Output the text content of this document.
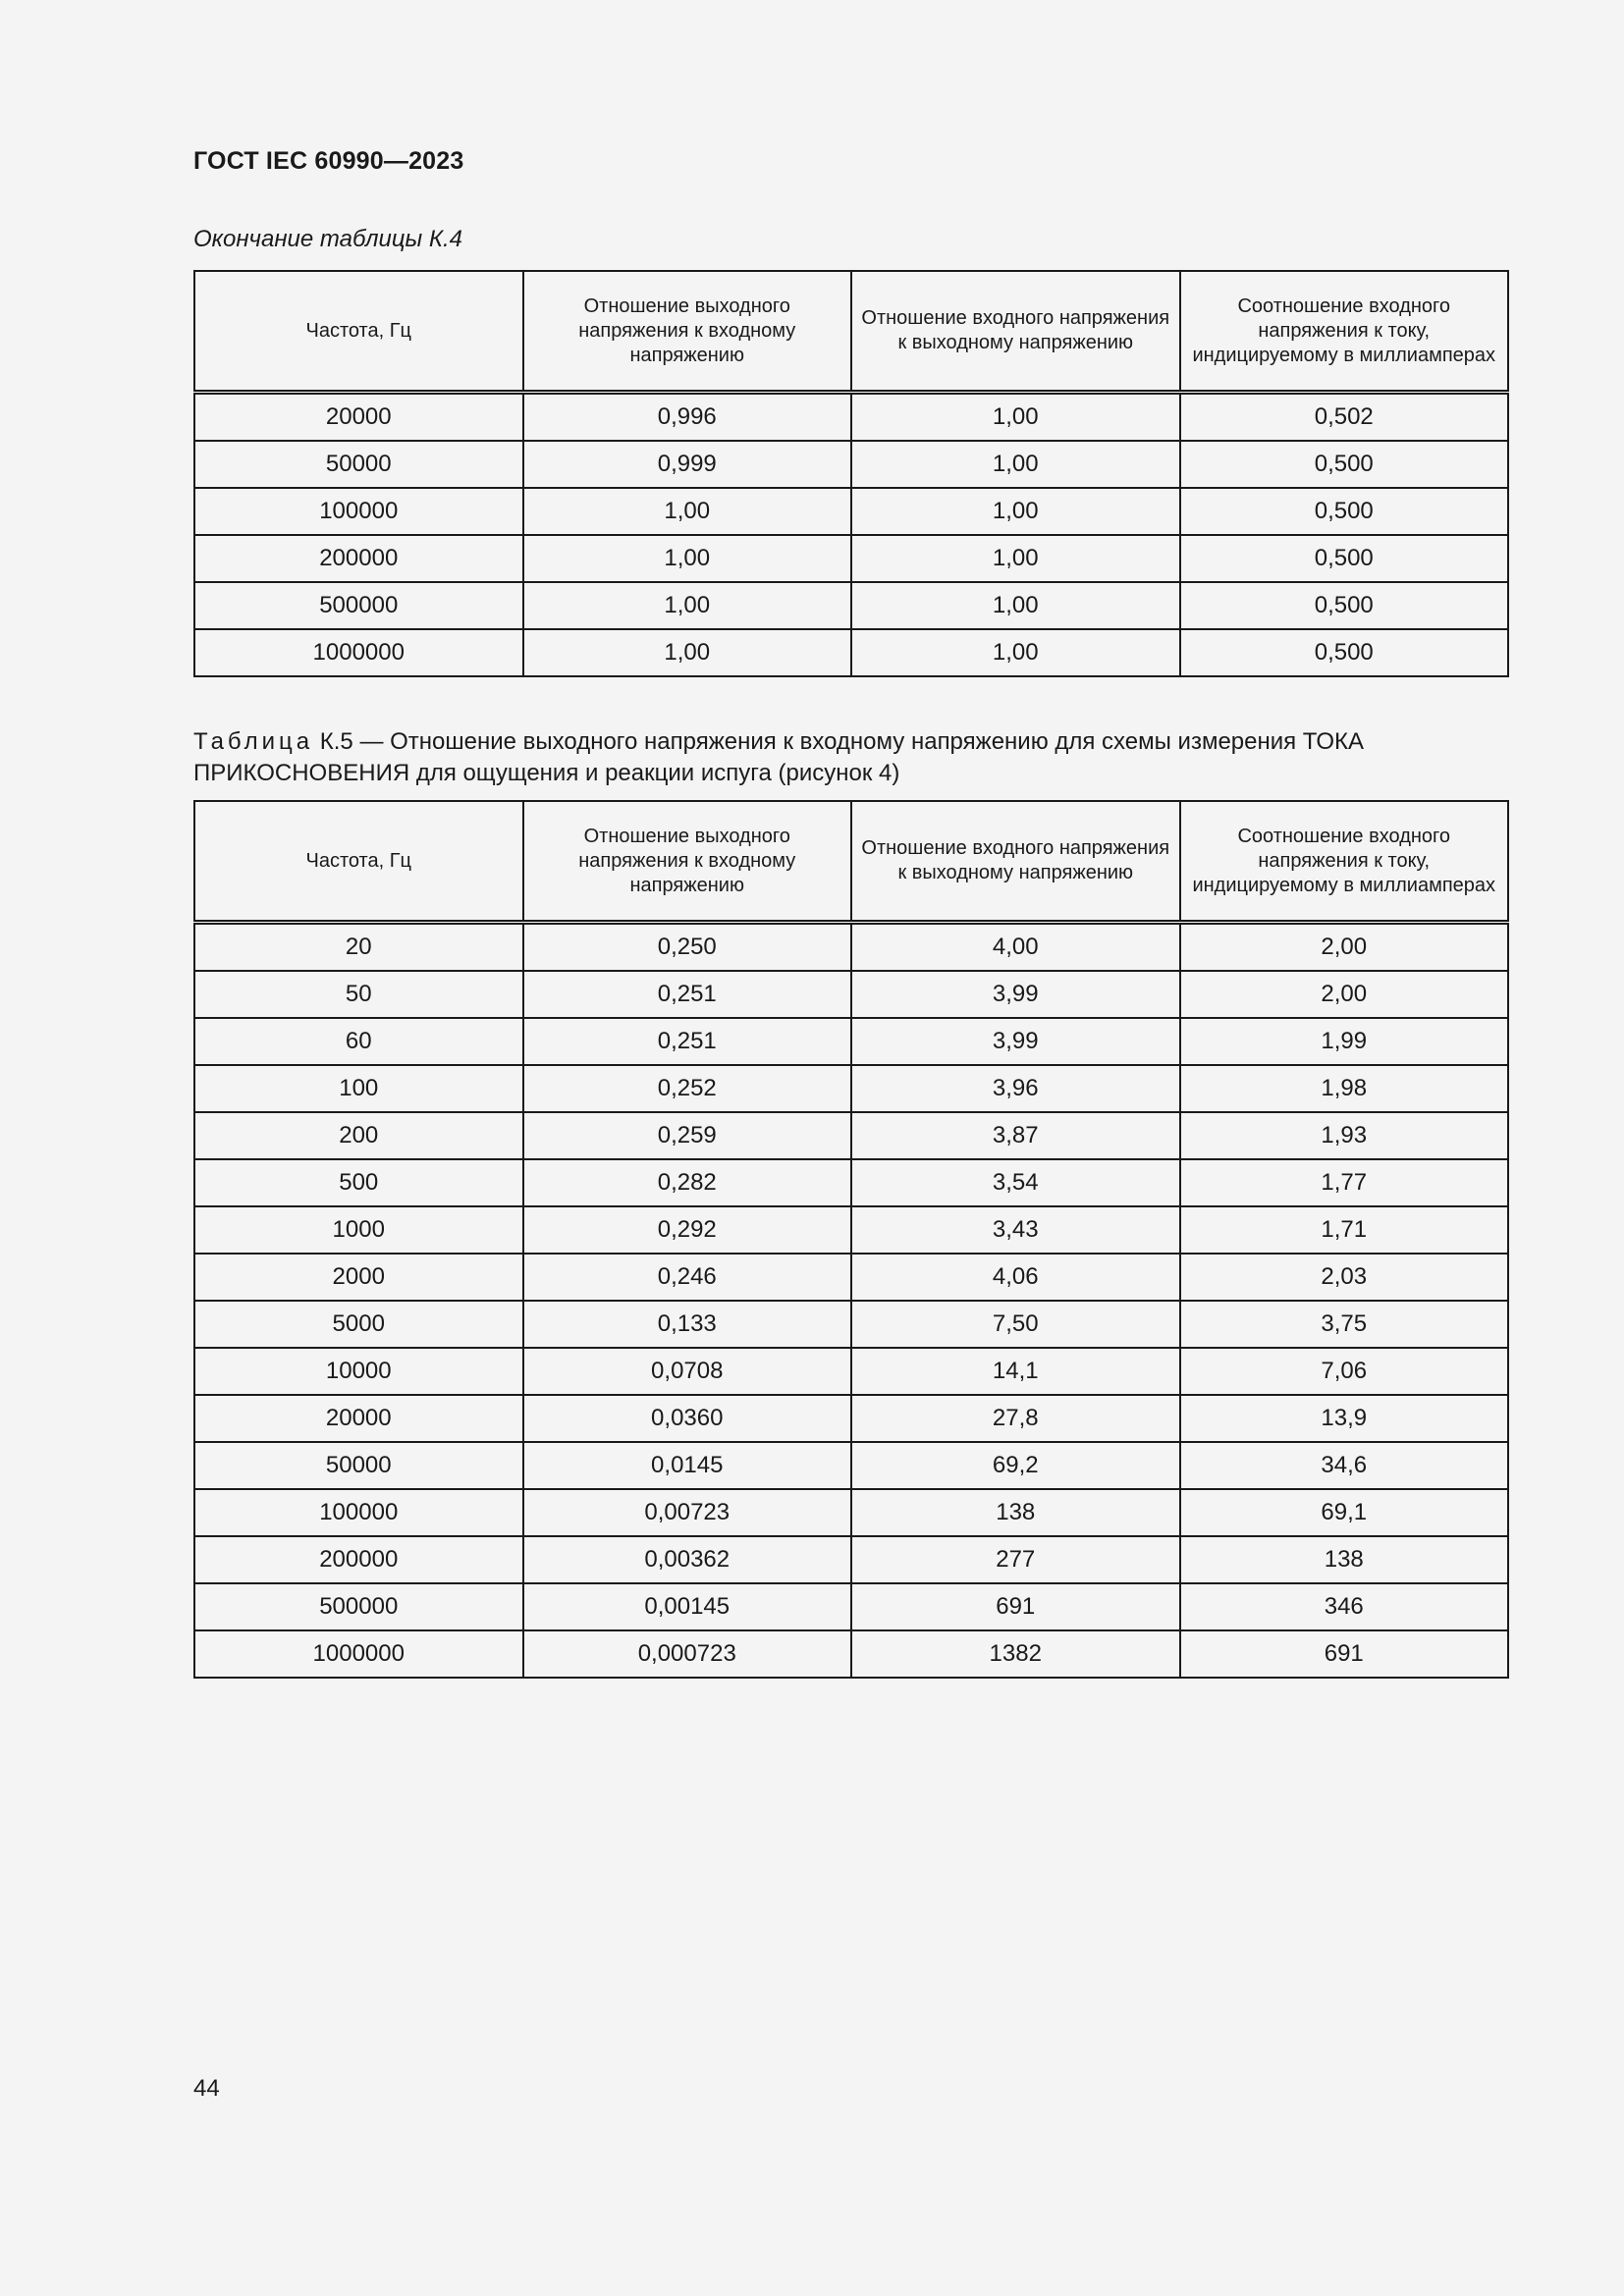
ГОСТ IEC 60990—2023
Окончание таблицы К.4
Частота, Гц	Отношение выходного напряжения к входному напряжению	Отношение входного напряжения к выходному напряжению	Соотношение входного напряжения к току, индицируемому в миллиамперах
20000	0,996	1,00	0,502
50000	0,999	1,00	0,500
100000	1,00	1,00	0,500
200000	1,00	1,00	0,500
500000	1,00	1,00	0,500
1000000	1,00	1,00	0,500
Таблица К.5 — Отношение выходного напряжения к входному напряжению для схемы измерения ТОКА ПРИКОСНОВЕНИЯ для ощущения и реакции испуга (рисунок 4)
Частота, Гц	Отношение выходного напряжения к входному напряжению	Отношение входного напряжения к выходному напряжению	Соотношение входного напряжения к току, индицируемому в миллиамперах
20	0,250	4,00	2,00
50	0,251	3,99	2,00
60	0,251	3,99	1,99
100	0,252	3,96	1,98
200	0,259	3,87	1,93
500	0,282	3,54	1,77
1000	0,292	3,43	1,71
2000	0,246	4,06	2,03
5000	0,133	7,50	3,75
10000	0,0708	14,1	7,06
20000	0,0360	27,8	13,9
50000	0,0145	69,2	34,6
100000	0,00723	138	69,1
200000	0,00362	277	138
500000	0,00145	691	346
1000000	0,000723	1382	691
44
